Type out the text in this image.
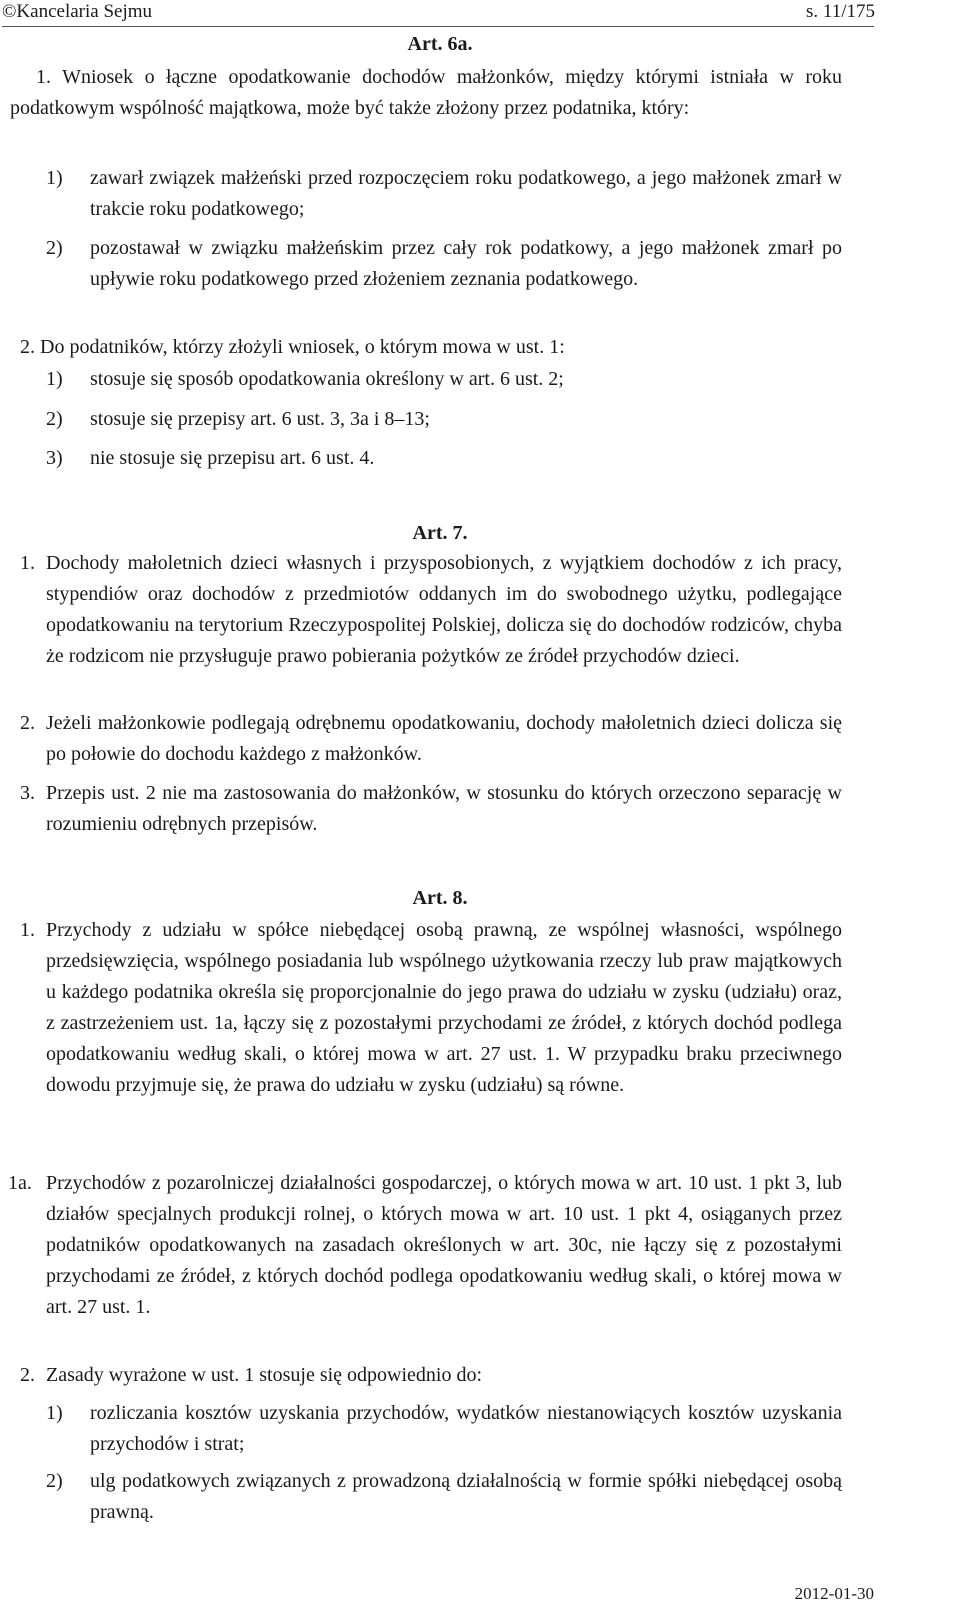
©Kancelaria Sejmu	s. 11/175
Art. 6a.
1. Wniosek o łączne opodatkowanie dochodów małżonków, między którymi istniała w roku podatkowym wspólność majątkowa, może być także złożony przez podatnika, który:
1) zawarł związek małżeński przed rozpoczęciem roku podatkowego, a jego małżonek zmarł w trakcie roku podatkowego;
2) pozostawał w związku małżeńskim przez cały rok podatkowy, a jego małżonek zmarł po upływie roku podatkowego przed złożeniem zeznania podatkowego.
2. Do podatników, którzy złożyli wniosek, o którym mowa w ust. 1:
1) stosuje się sposób opodatkowania określony w art. 6 ust. 2;
2) stosuje się przepisy art. 6 ust. 3, 3a i 8–13;
3) nie stosuje się przepisu art. 6 ust. 4.
Art. 7.
1. Dochody małoletnich dzieci własnych i przysposobionych, z wyjątkiem dochodów z ich pracy, stypendiów oraz dochodów z przedmiotów oddanych im do swobodnego użytku, podlegające opodatkowaniu na terytorium Rzeczypospolitej Polskiej, dolicza się do dochodów rodziców, chyba że rodzicom nie przysługuje prawo pobierania pożytków ze źródeł przychodów dzieci.
2. Jeżeli małżonkowie podlegają odrębnemu opodatkowaniu, dochody małoletnich dzieci dolicza się po połowie do dochodu każdego z małżonków.
3. Przepis ust. 2 nie ma zastosowania do małżonków, w stosunku do których orzeczono separację w rozumieniu odrębnych przepisów.
Art. 8.
1. Przychody z udziału w spółce niebędącej osobą prawną, ze wspólnej własności, wspólnego przedsięwzięcia, wspólnego posiadania lub wspólnego użytkowania rzeczy lub praw majątkowych u każdego podatnika określa się proporcjonalnie do jego prawa do udziału w zysku (udziału) oraz, z zastrzeżeniem ust. 1a, łączy się z pozostałymi przychodami ze źródeł, z których dochód podlega opodatkowaniu według skali, o której mowa w art. 27 ust. 1. W przypadku braku przeciwnego dowodu przyjmuje się, że prawa do udziału w zysku (udziału) są równe.
1a. Przychodów z pozarolniczej działalności gospodarczej, o których mowa w art. 10 ust. 1 pkt 3, lub działów specjalnych produkcji rolnej, o których mowa w art. 10 ust. 1 pkt 4, osiąganych przez podatników opodatkowanych na zasadach określonych w art. 30c, nie łączy się z pozostałymi przychodami ze źródeł, z których dochód podlega opodatkowaniu według skali, o której mowa w art. 27 ust. 1.
2. Zasady wyrażone w ust. 1 stosuje się odpowiednio do:
1) rozliczania kosztów uzyskania przychodów, wydatków niestanowiących kosztów uzyskania przychodów i strat;
2) ulg podatkowych związanych z prowadzoną działalnością w formie spółki niebędącej osobą prawną.
2012-01-30
